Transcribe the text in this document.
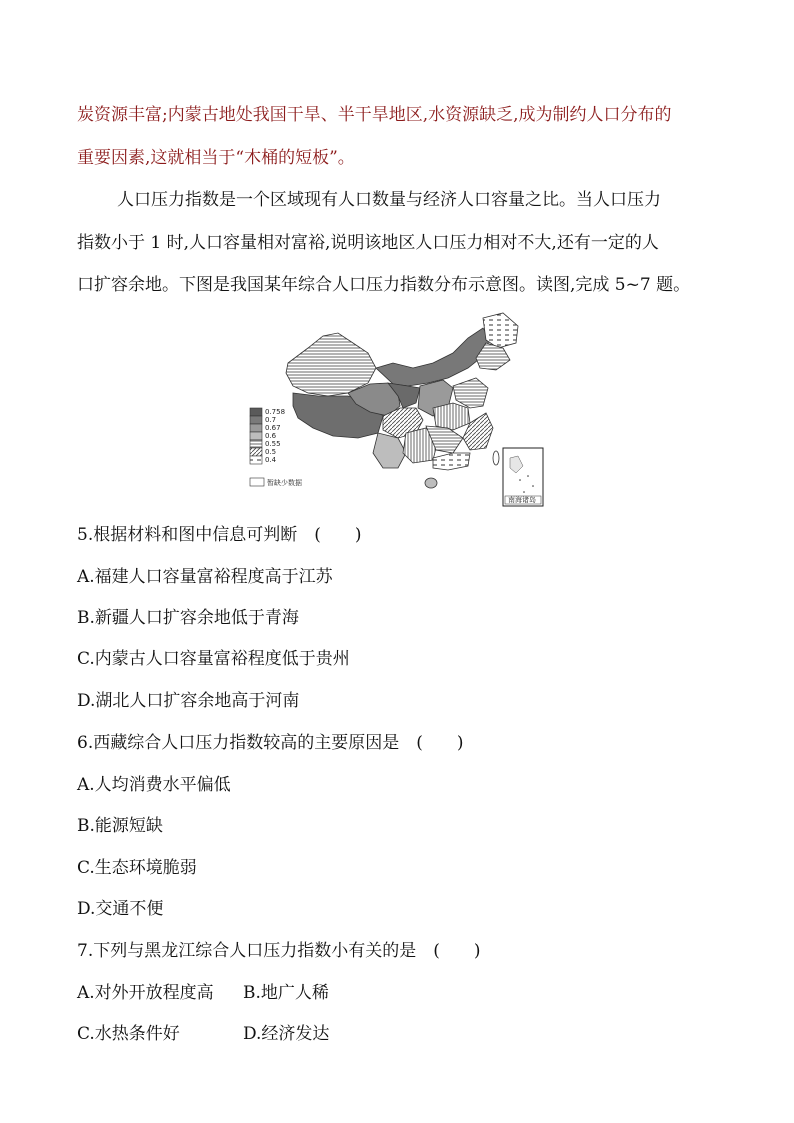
炭资源丰富;内蒙古地处我国干旱、半干旱地区,水资源缺乏,成为制约人口分布的
重要因素,这就相当于“木桶的短板”。
人口压力指数是一个区域现有人口数量与经济人口容量之比。当人口压力
指数小于 1 时,人口容量相对富裕,说明该地区人口压力相对不大,还有一定的人
口扩容余地。下图是我国某年综合人口压力指数分布示意图。读图,完成 5~7 题。
0.758
0.7
0.67
0.6
0.55
0.5
0.4
暂缺少数据
南海诸岛
5.根据材料和图中信息可判断　(　　)
A.福建人口容量富裕程度高于江苏
B.新疆人口扩容余地低于青海
C.内蒙古人口容量富裕程度低于贵州
D.湖北人口扩容余地高于河南
6.西藏综合人口压力指数较高的主要原因是　(　　)
A.人均消费水平偏低
B.能源短缺
C.生态环境脆弱
D.交通不便
7.下列与黑龙江综合人口压力指数小有关的是　(　　)
A.对外开放程度高 B.地广人稀
C.水热条件好	D.经济发达
